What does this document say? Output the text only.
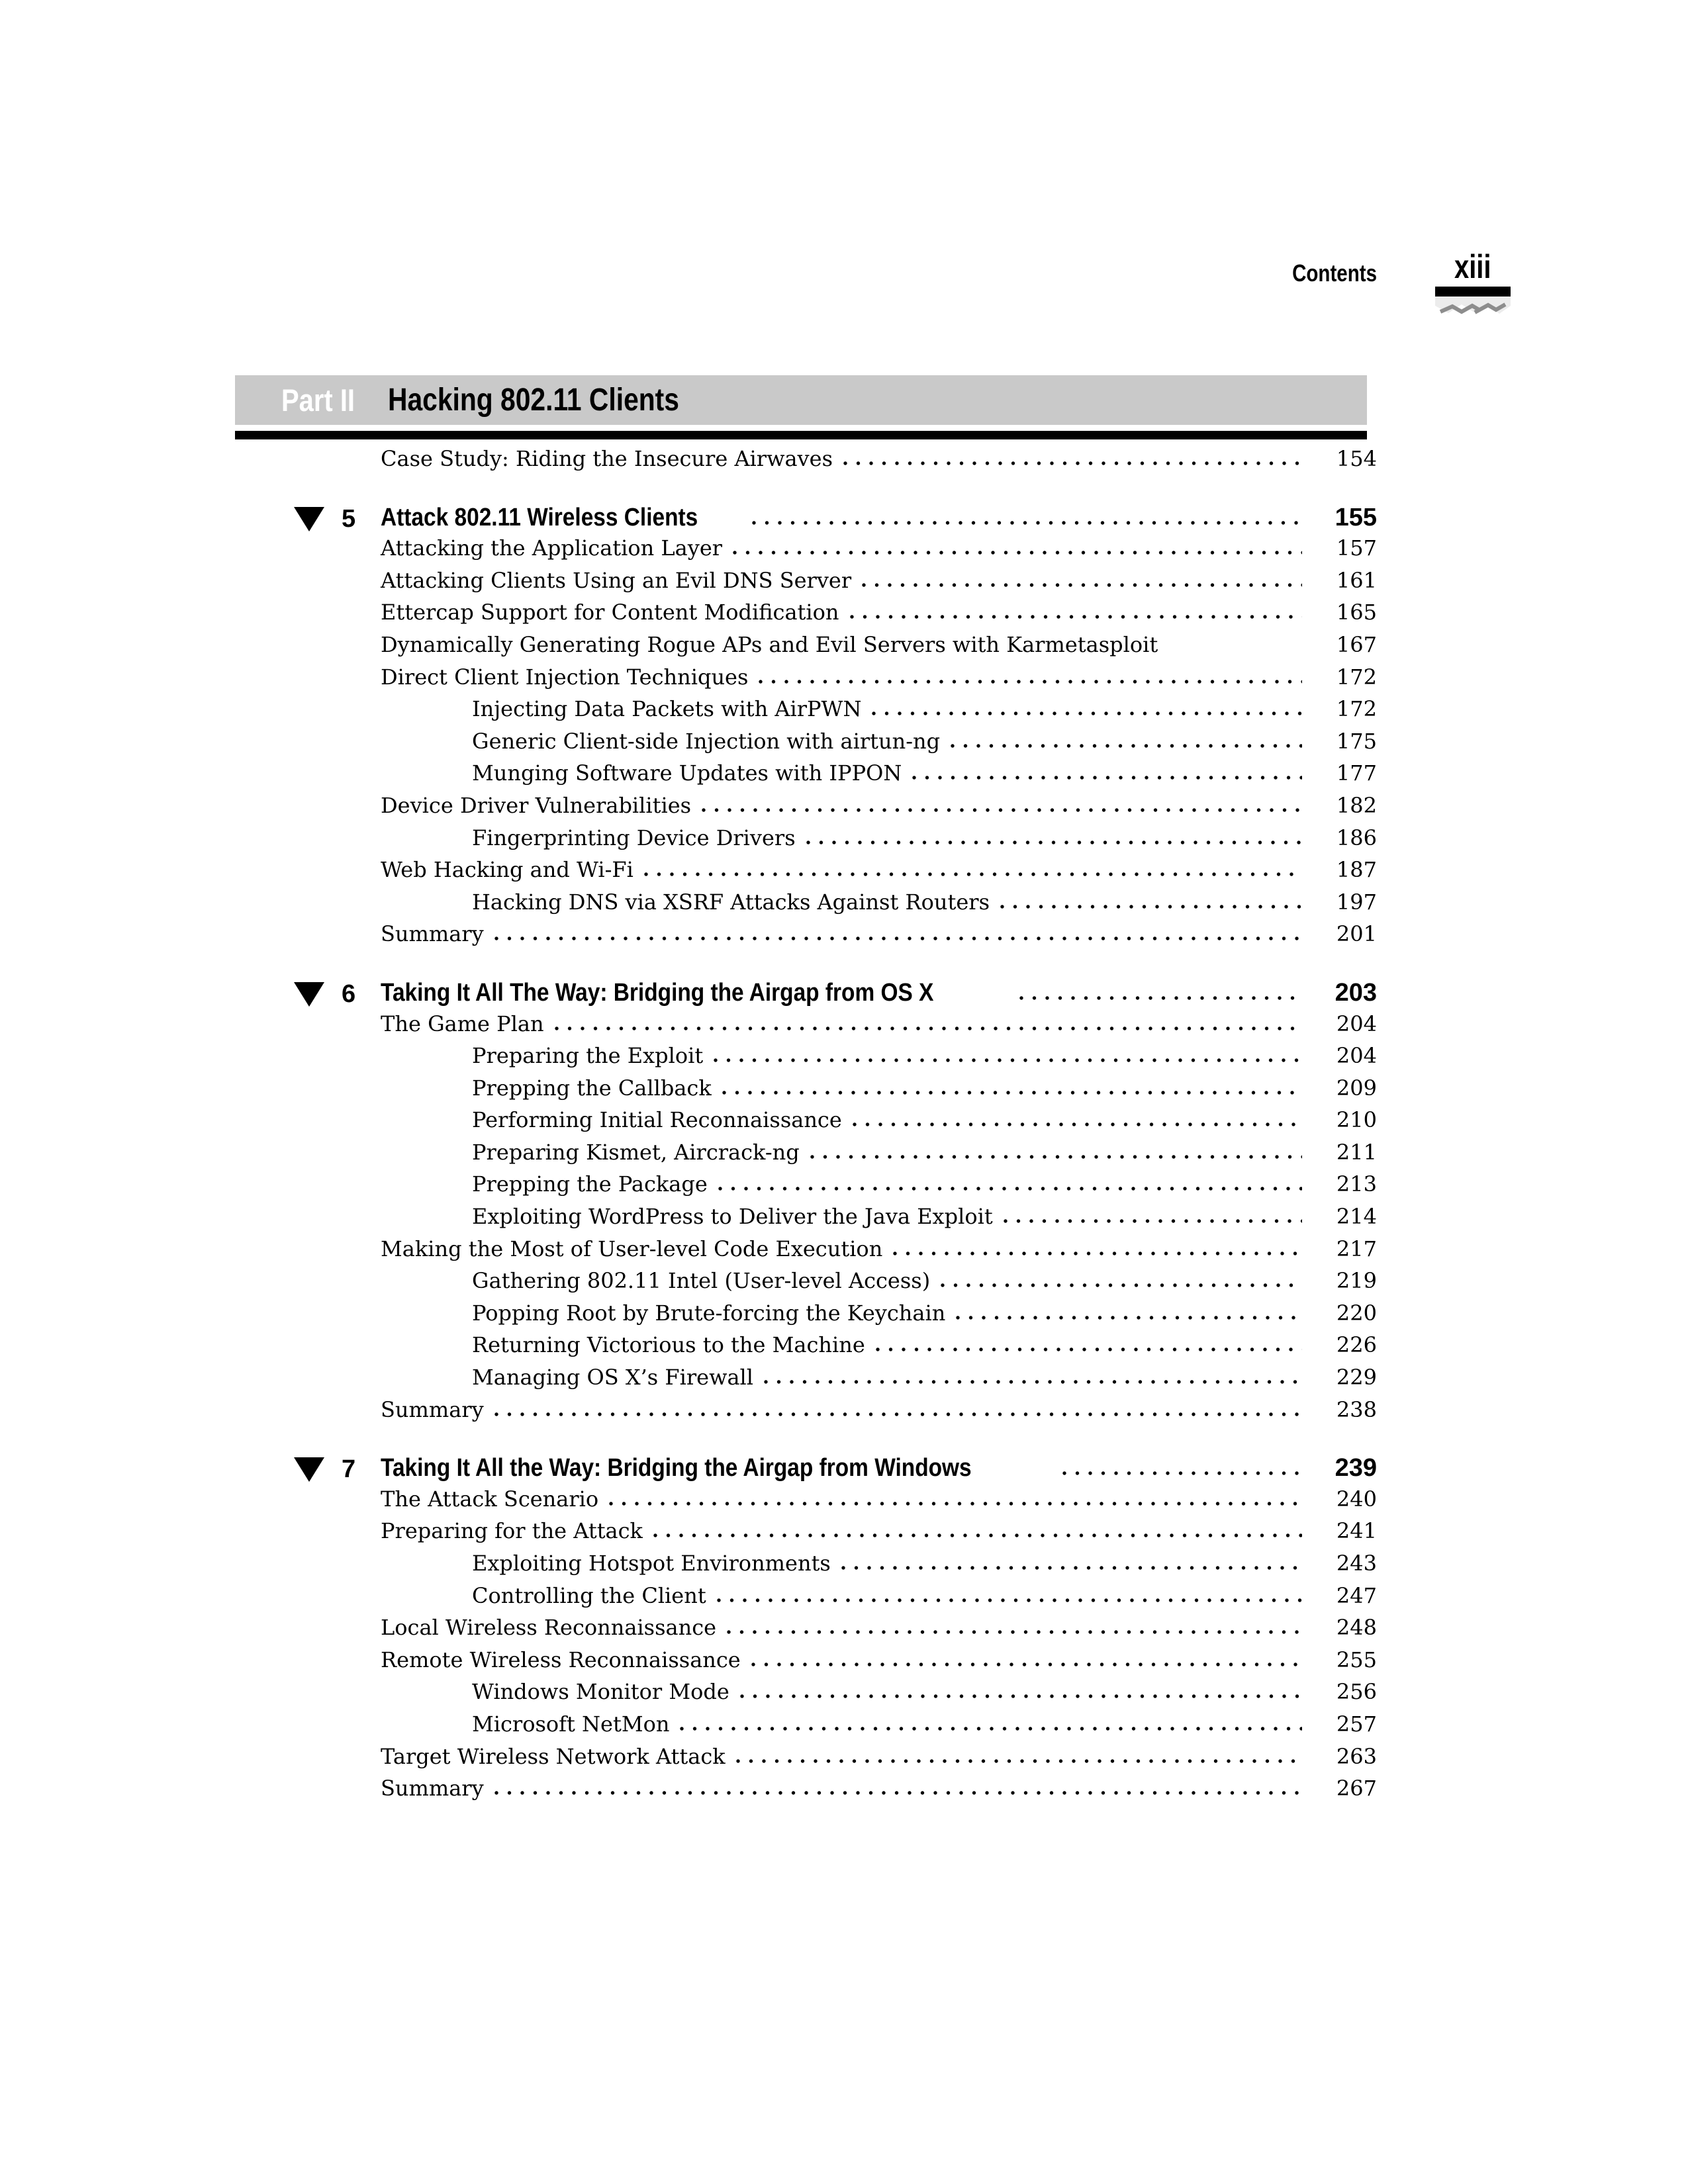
Contents	xiii
Part II Hacking 802.11 Clients
Case Study: Riding the Insecure Airwaves	154
5 Attack 802.11 Wireless Clients	155
Attacking the Application Layer	157
Attacking Clients Using an Evil DNS Server	161
Ettercap Support for Content Modification	165
Dynamically Generating Rogue APs and Evil Servers with Karmetasploit	167
Direct Client Injection Techniques	172
Injecting Data Packets with AirPWN	172
Generic Client-side Injection with airtun-ng	175
Munging Software Updates with IPPON	177
Device Driver Vulnerabilities	182
Fingerprinting Device Drivers	186
Web Hacking and Wi-Fi	187
Hacking DNS via XSRF Attacks Against Routers	197
Summary	201
6 Taking It All The Way: Bridging the Airgap from OS X	203
The Game Plan	204
Preparing the Exploit	204
Prepping the Callback	209
Performing Initial Reconnaissance	210
Preparing Kismet, Aircrack-ng	211
Prepping the Package	213
Exploiting WordPress to Deliver the Java Exploit	214
Making the Most of User-level Code Execution	217
Gathering 802.11 Intel (User-level Access)	219
Popping Root by Brute-forcing the Keychain	220
Returning Victorious to the Machine	226
Managing OS X’s Firewall	229
Summary	238
7 Taking It All the Way: Bridging the Airgap from Windows	239
The Attack Scenario	240
Preparing for the Attack	241
Exploiting Hotspot Environments	243
Controlling the Client	247
Local Wireless Reconnaissance	248
Remote Wireless Reconnaissance	255
Windows Monitor Mode	256
Microsoft NetMon	257
Target Wireless Network Attack	263
Summary	267
